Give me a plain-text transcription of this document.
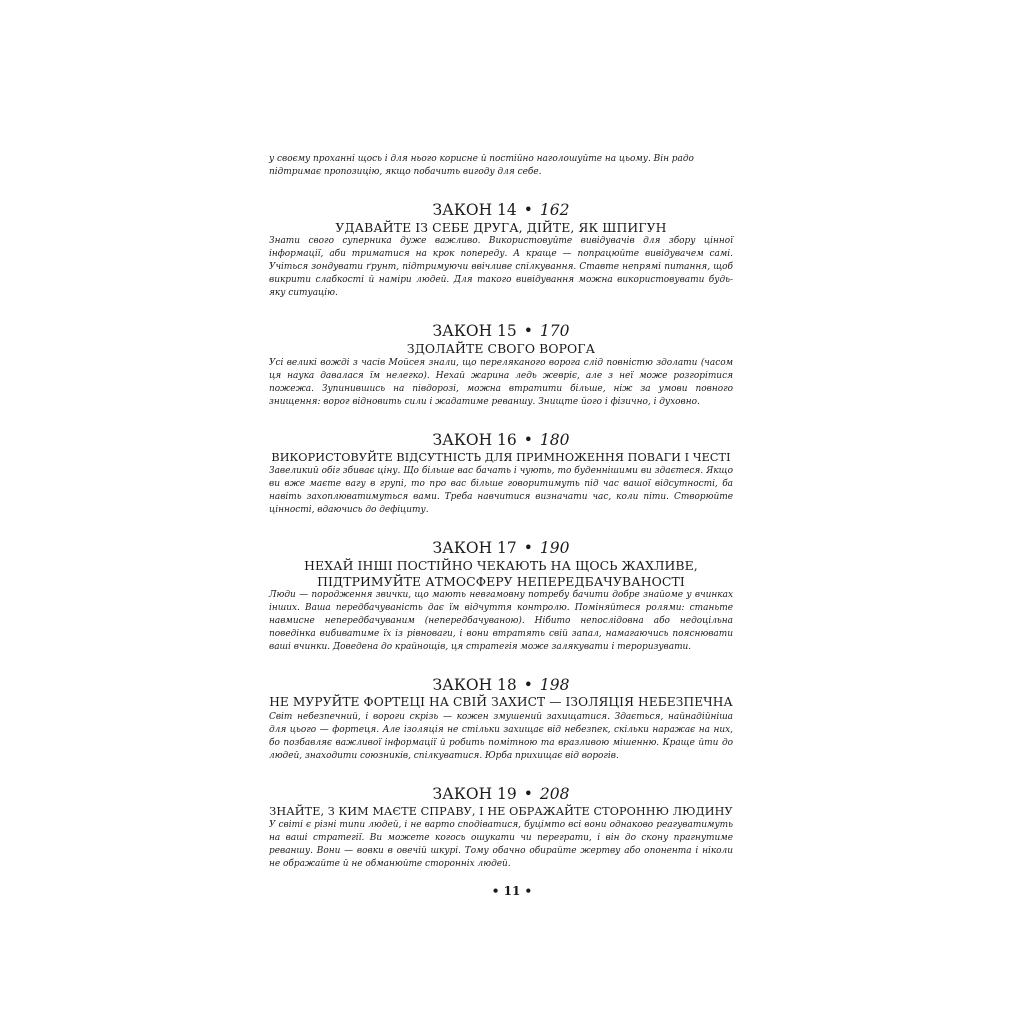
у своєму проханні щось і для нього корисне й постійно наголошуйте на цьому. Він радо підтримає пропозицію, якщо побачить вигоду для себе.

ЗАКОН 14 • 162

УДАВАЙТЕ ІЗ СЕБЕ ДРУГА, ДІЙТЕ, ЯК ШПИГУН

Знати свого суперника дуже важливо. Використовуйте вивідувачів для збору цінної інформації, аби триматися на крок попереду. А краще — попрацюйте вивідувачем самі. Учіться зондувати ґрунт, підтримуючи ввічливе спілкування. Ставте непрямі питання, щоб викрити слабкості й наміри людей. Для такого вивідування можна використовувати будь-яку ситуацію.

ЗАКОН 15 • 170

ЗДОЛАЙТЕ СВОГО ВОРОГА

Усі великі вожді з часів Мойсея знали, що переляканого ворога слід повністю здолати (часом ця наука давалася їм нелегко). Нехай жарина ледь жевріє, але з неї може розгорітися пожежа. Зупинившись на півдорозі, можна втратити більше, ніж за умови повного знищення: ворог відновить сили і жадатиме реваншу. Знищте його і фізично, і духовно.

ЗАКОН 16 • 180

ВИКОРИСТОВУЙТЕ ВІДСУТНІСТЬ ДЛЯ ПРИМНОЖЕННЯ ПОВАГИ І ЧЕСТІ

Завеликий обіг збиває ціну. Що більше вас бачать і чують, то буденнішими ви здаєтеся. Якщо ви вже маєте вагу в групі, то про вас більше говоритимуть під час вашої відсутності, ба навіть захоплюватимуться вами. Треба навчитися визначати час, коли піти. Створюйте цінності, вдаючись до дефіциту.

ЗАКОН 17 • 190

НЕХАЙ ІНШІ ПОСТІЙНО ЧЕКАЮТЬ НА ЩОСЬ ЖАХЛИВЕ,
ПІДТРИМУЙТЕ АТМОСФЕРУ НЕПЕРЕДБАЧУВАНОСТІ

Люди — породження звички, що мають невгамовну потребу бачити добре знайоме у вчинках інших. Ваша передбачуваність дає їм відчуття контролю. Поміняйтеся ролями: станьте навмисне непередбачуваним (непередбачуваною). Нібито непослідовна або недоцільна поведінка вибиватиме їх із рівноваги, і вони втратять свій запал, намагаючись пояснювати ваші вчинки. Доведена до крайнощів, ця стратегія може залякувати і тероризувати.

ЗАКОН 18 • 198

НЕ МУРУЙТЕ ФОРТЕЦІ НА СВІЙ ЗАХИСТ — ІЗОЛЯЦІЯ НЕБЕЗПЕЧНА

Світ небезпечний, і вороги скрізь — кожен змушений захищатися. Здається, найнадійніша для цього — фортеця. Але ізоляція не стільки захищає від небезпек, скільки наражає на них, бо позбавляє важливої інформації й робить помітною та вразливою мішенню. Краще йти до людей, знаходити союзників, спілкуватися. Юрба прихищає від ворогів.

ЗАКОН 19 • 208

ЗНАЙТЕ, З КИМ МАЄТЕ СПРАВУ, І НЕ ОБРАЖАЙТЕ СТОРОННЮ ЛЮДИНУ

У світі є різні типи людей, і не варто сподіватися, буцімто всі вони однаково реагуватимуть на ваші стратегії. Ви можете когось ошукати чи переграти, і він до скону прагнутиме реваншу. Вони — вовки в овечій шкурі. Тому обачно обирайте жертву або опонента і ніколи не ображайте й не обманюйте сторонніх людей.

• 11 •
